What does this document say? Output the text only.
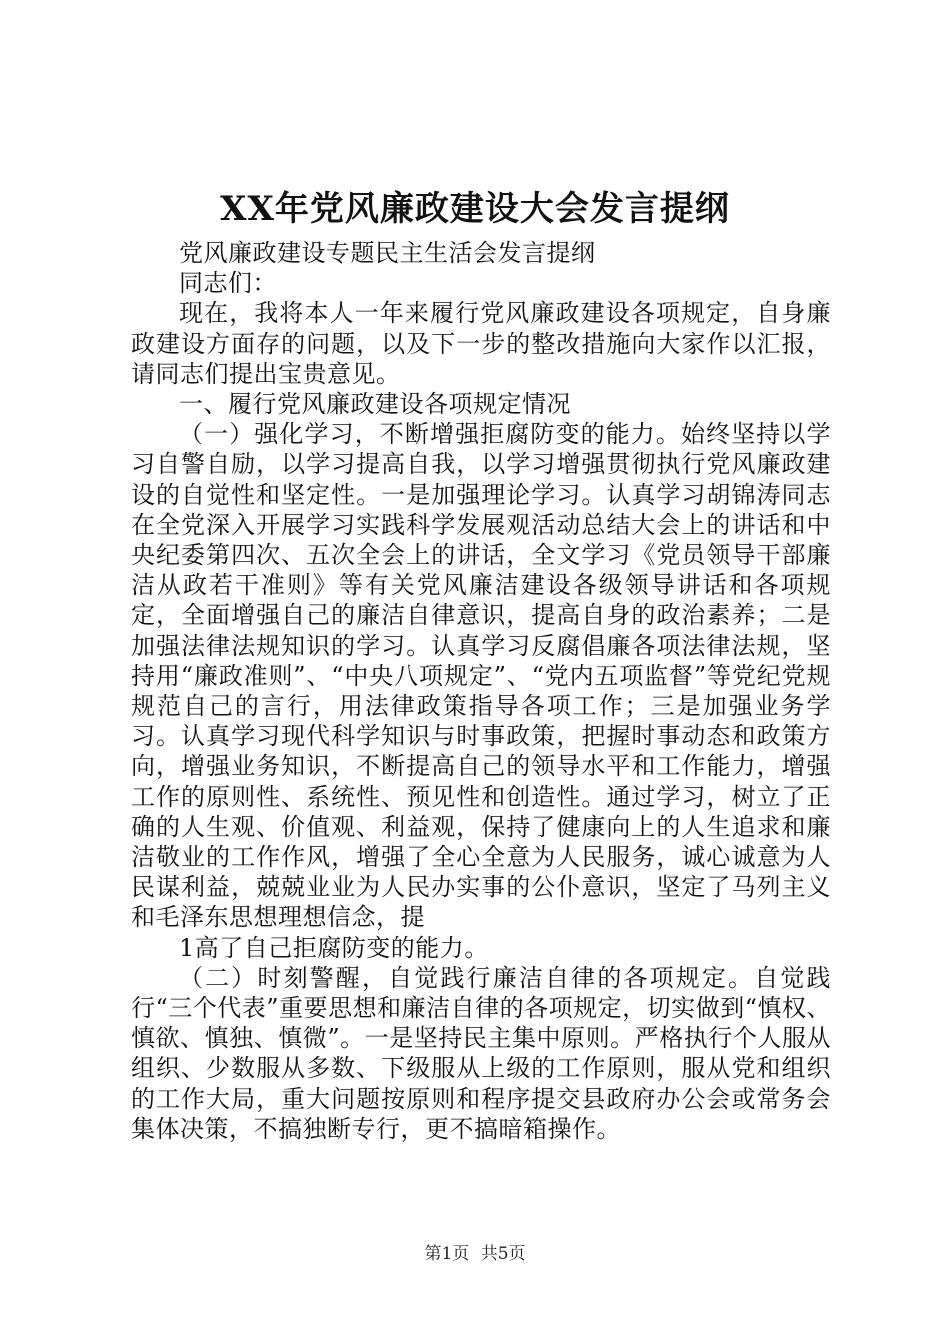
XX年党风廉政建设大会发言提纲

党风廉政建设专题民主生活会发言提纲

同志们：

现在，我将本人一年来履行党风廉政建设各项规定，自身廉政建设方面存的问题，以及下一步的整改措施向大家作以汇报，请同志们提出宝贵意见。

一、履行党风廉政建设各项规定情况

（一）强化学习，不断增强拒腐防变的能力。始终坚持以学习自警自励，以学习提高自我，以学习增强贯彻执行党风廉政建设的自觉性和坚定性。一是加强理论学习。认真学习胡锦涛同志在全党深入开展学习实践科学发展观活动总结大会上的讲话和中央纪委第四次、五次全会上的讲话，全文学习《党员领导干部廉洁从政若干准则》等有关党风廉洁建设各级领导讲话和各项规定，全面增强自己的廉洁自律意识，提高自身的政治素养；二是加强法律法规知识的学习。认真学习反腐倡廉各项法律法规，坚持用“廉政准则”、“中央八项规定”、“党内五项监督”等党纪党规规范自己的言行，用法律政策指导各项工作；三是加强业务学习。认真学习现代科学知识与时事政策，把握时事动态和政策方向，增强业务知识，不断提高自己的领导水平和工作能力，增强工作的原则性、系统性、预见性和创造性。通过学习，树立了正确的人生观、价值观、利益观，保持了健康向上的人生追求和廉洁敬业的工作作风，增强了全心全意为人民服务，诚心诚意为人民谋利益，兢兢业业为人民办实事的公仆意识，坚定了马列主义和毛泽东思想理想信念，提

1高了自己拒腐防变的能力。

（二）时刻警醒，自觉践行廉洁自律的各项规定。自觉践行“三个代表”重要思想和廉洁自律的各项规定，切实做到“慎权、慎欲、慎独、慎微”。一是坚持民主集中原则。严格执行个人服从组织、少数服从多数、下级服从上级的工作原则，服从党和组织的工作大局，重大问题按原则和程序提交县政府办公会或常务会集体决策，不搞独断专行，更不搞暗箱操作。

第1页 共5页
